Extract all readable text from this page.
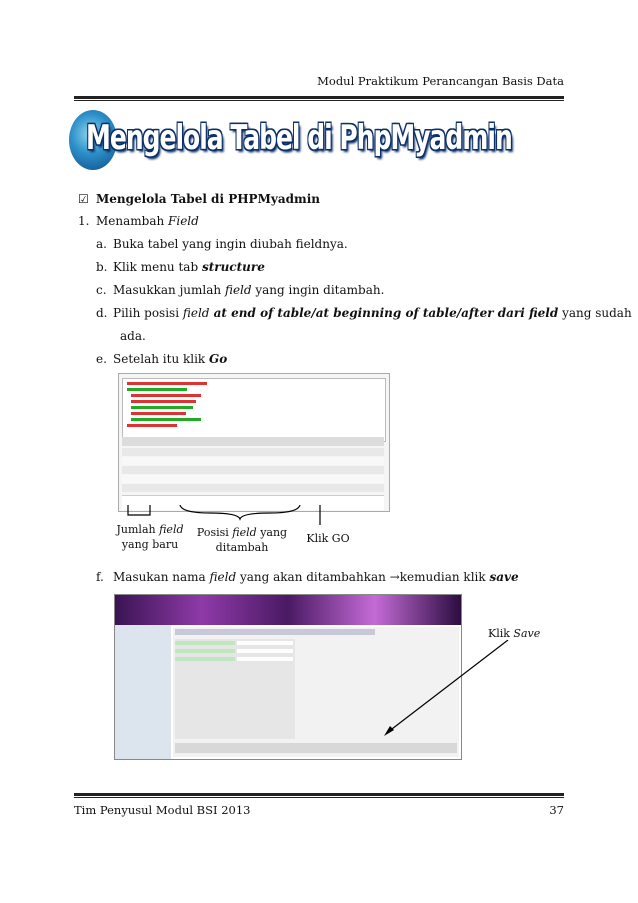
Modul Praktikum Perancangan Basis Data
Mengelola Tabel di PhpMyadmin
☑ Mengelola Tabel di PHPMyadmin
1. Menambah Field
a. Buka tabel yang ingin diubah fieldnya.
b. Klik menu tab structure
c. Masukkan jumlah field yang ingin ditambah.
d. Pilih posisi field at end of table/at beginning of table/after dari field yang sudah
ada.
e. Setelah itu klik Go
Jumlah field
yang baru
Posisi field yang
ditambah
Klik GO
f. Masukan nama field yang akan ditambahkan →kemudian klik save
Klik Save
Tim Penyusul Modul BSI 2013	37
